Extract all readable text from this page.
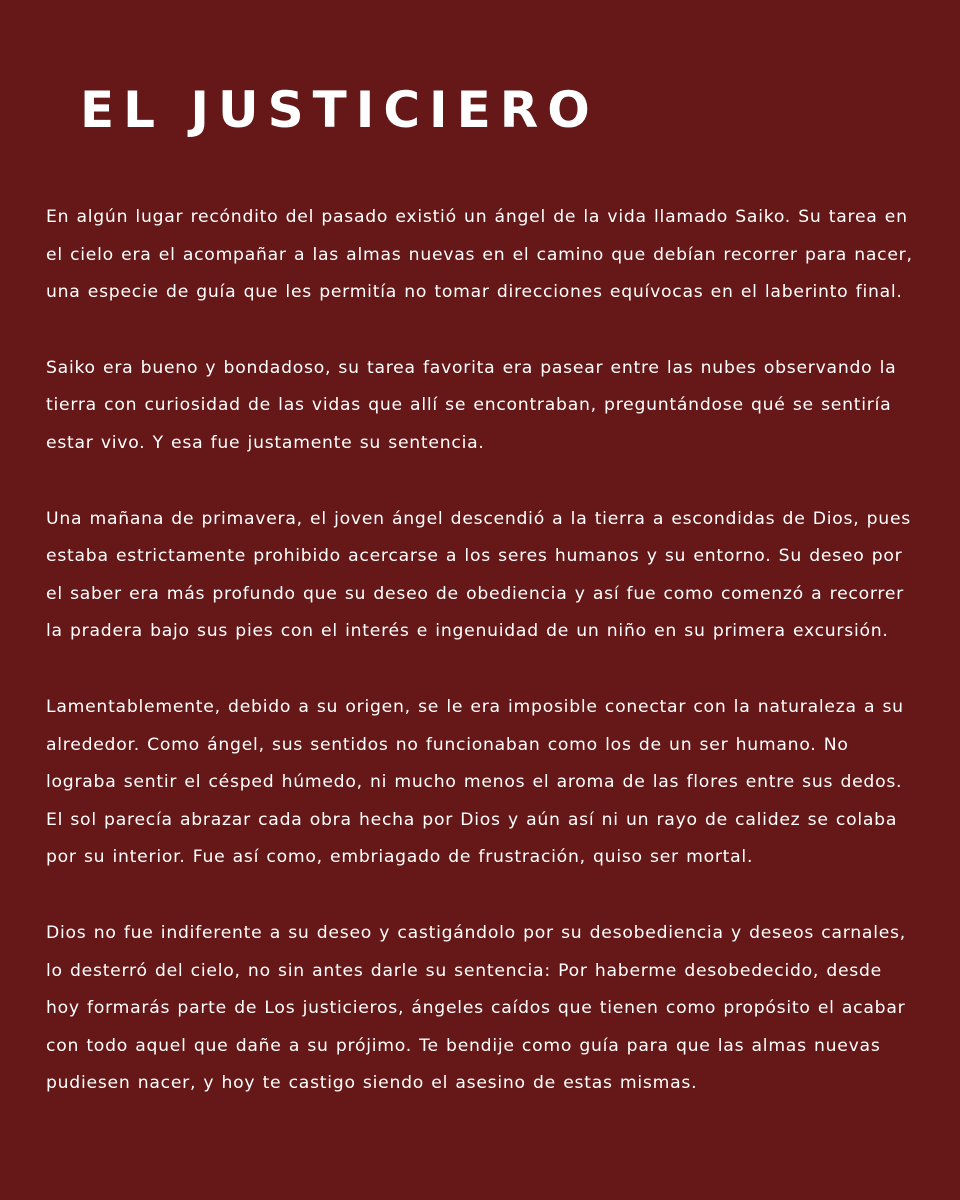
EL JUSTICIERO

En algún lugar recóndito del pasado existió un ángel de la vida llamado Saiko. Su tarea en
el cielo era el acompañar a las almas nuevas en el camino que debían recorrer para nacer,
una especie de guía que les permitía no tomar direcciones equívocas en el laberinto final.

Saiko era bueno y bondadoso, su tarea favorita era pasear entre las nubes observando la
tierra con curiosidad de las vidas que allí se encontraban, preguntándose qué se sentiría
estar vivo. Y esa fue justamente su sentencia.

Una mañana de primavera, el joven ángel descendió a la tierra a escondidas de Dios, pues
estaba estrictamente prohibido acercarse a los seres humanos y su entorno. Su deseo por
el saber era más profundo que su deseo de obediencia y así fue como comenzó a recorrer
la pradera bajo sus pies con el interés e ingenuidad de un niño en su primera excursión.

Lamentablemente, debido a su origen, se le era imposible conectar con la naturaleza a su
alrededor. Como ángel, sus sentidos no funcionaban como los de un ser humano. No
lograba sentir el césped húmedo, ni mucho menos el aroma de las flores entre sus dedos.
El sol parecía abrazar cada obra hecha por Dios y aún así ni un rayo de calidez se colaba
por su interior. Fue así como, embriagado de frustración, quiso ser mortal.

Dios no fue indiferente a su deseo y castigándolo por su desobediencia y deseos carnales,
lo desterró del cielo, no sin antes darle su sentencia: Por haberme desobedecido, desde
hoy formarás parte de Los justicieros, ángeles caídos que tienen como propósito el acabar
con todo aquel que dañe a su prójimo. Te bendije como guía para que las almas nuevas
pudiesen nacer, y hoy te castigo siendo el asesino de estas mismas.
